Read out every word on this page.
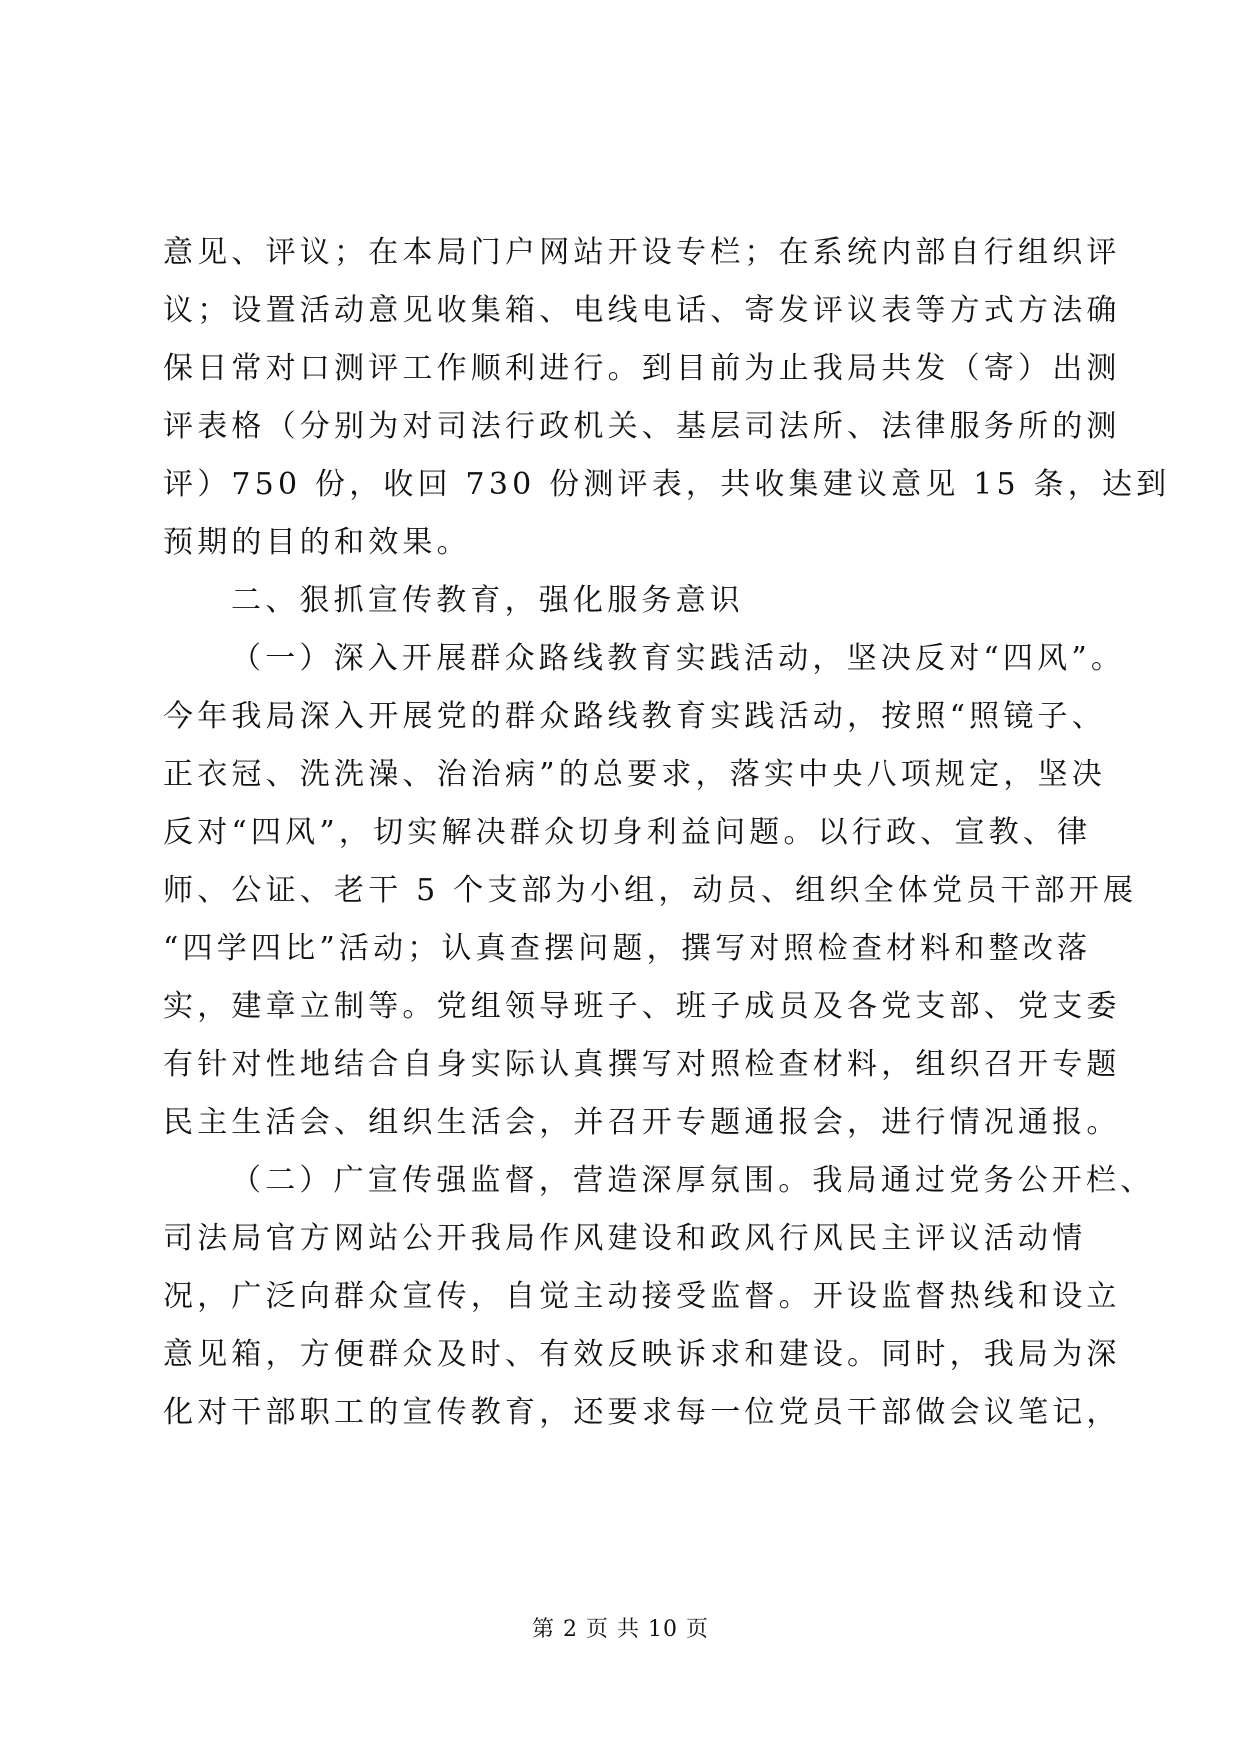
意见、评议；在本局门户网站开设专栏；在系统内部自行组织评
议；设置活动意见收集箱、电线电话、寄发评议表等方式方法确
保日常对口测评工作顺利进行。到目前为止我局共发（寄）出测
评表格（分别为对司法行政机关、基层司法所、法律服务所的测
评）750 份，收回 730 份测评表，共收集建议意见 15 条，达到
预期的目的和效果。
二、狠抓宣传教育，强化服务意识
（一）深入开展群众路线教育实践活动，坚决反对“四风”。
今年我局深入开展党的群众路线教育实践活动，按照“照镜子、
正衣冠、洗洗澡、治治病”的总要求，落实中央八项规定，坚决
反对“四风”，切实解决群众切身利益问题。以行政、宣教、律
师、公证、老干 5 个支部为小组，动员、组织全体党员干部开展
“四学四比”活动；认真查摆问题，撰写对照检查材料和整改落
实，建章立制等。党组领导班子、班子成员及各党支部、党支委
有针对性地结合自身实际认真撰写对照检查材料，组织召开专题
民主生活会、组织生活会，并召开专题通报会，进行情况通报。
（二）广宣传强监督，营造深厚氛围。我局通过党务公开栏、
司法局官方网站公开我局作风建设和政风行风民主评议活动情
况，广泛向群众宣传，自觉主动接受监督。开设监督热线和设立
意见箱，方便群众及时、有效反映诉求和建设。同时，我局为深
化对干部职工的宣传教育，还要求每一位党员干部做会议笔记，
第 2 页 共 10 页
